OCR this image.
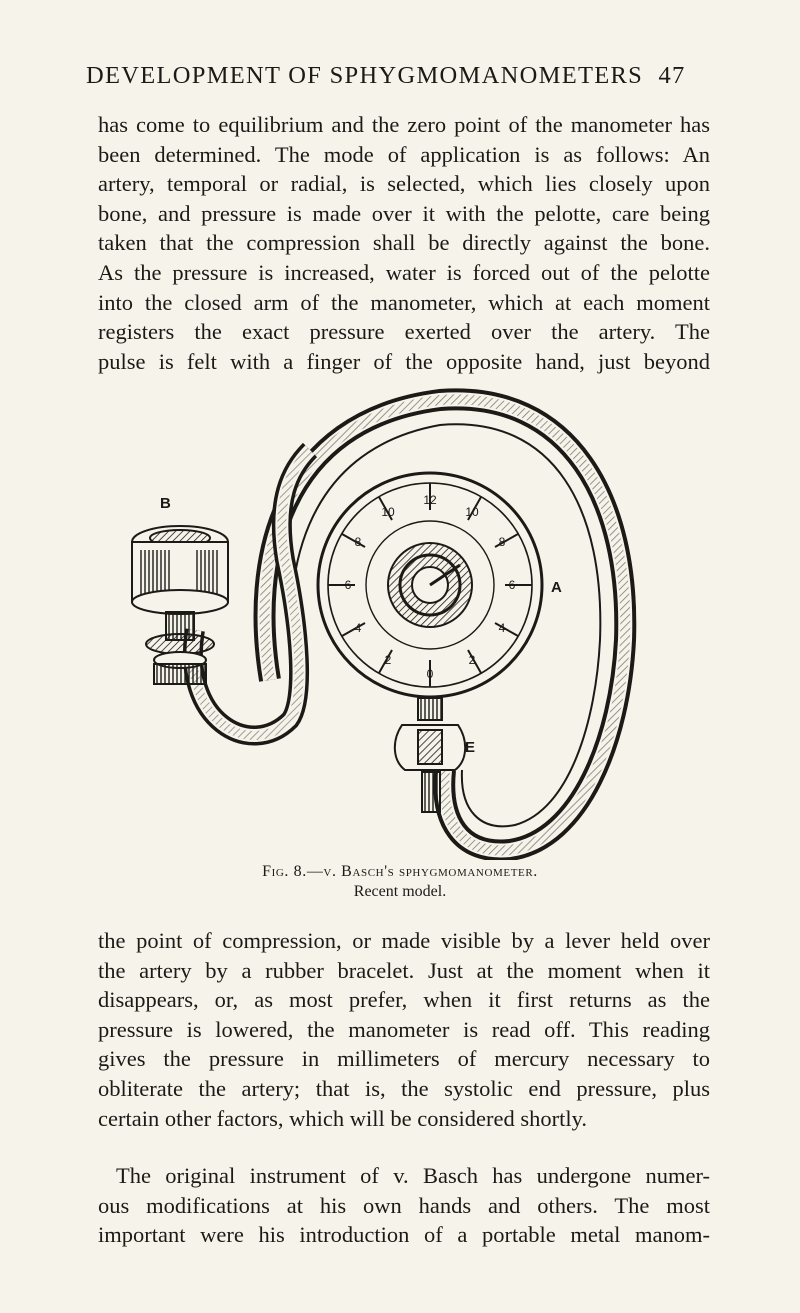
DEVELOPMENT OF SPHYGMOMANOMETERS 47
has come to equilibrium and the zero point of the manometer has
been determined. The mode of application is as follows: An
artery, temporal or radial, is selected, which lies closely upon
bone, and pressure is made over it with the pelotte, care being
taken that the compression shall be directly against the bone.
As the pressure is increased, water is forced out of the pelotte
into the closed arm of the manometer, which at each moment
registers the exact pressure exerted over the artery. The
pulse is felt with a finger of the opposite hand, just beyond
12
10
8
6
4
2
0
2
4
6
8
10
B
A
E
Fig. 8.—v. Basch's sphygmomanometer.
Recent model.
the point of compression, or made visible by a lever held over
the artery by a rubber bracelet. Just at the moment when it
disappears, or, as most prefer, when it first returns as the
pressure is lowered, the manometer is read off. This reading
gives the pressure in millimeters of mercury necessary to
obliterate the artery; that is, the systolic end pressure, plus
certain other factors, which will be considered shortly.
The original instrument of v. Basch has undergone numer-
ous modifications at his own hands and others. The most
important were his introduction of a portable metal manom-
